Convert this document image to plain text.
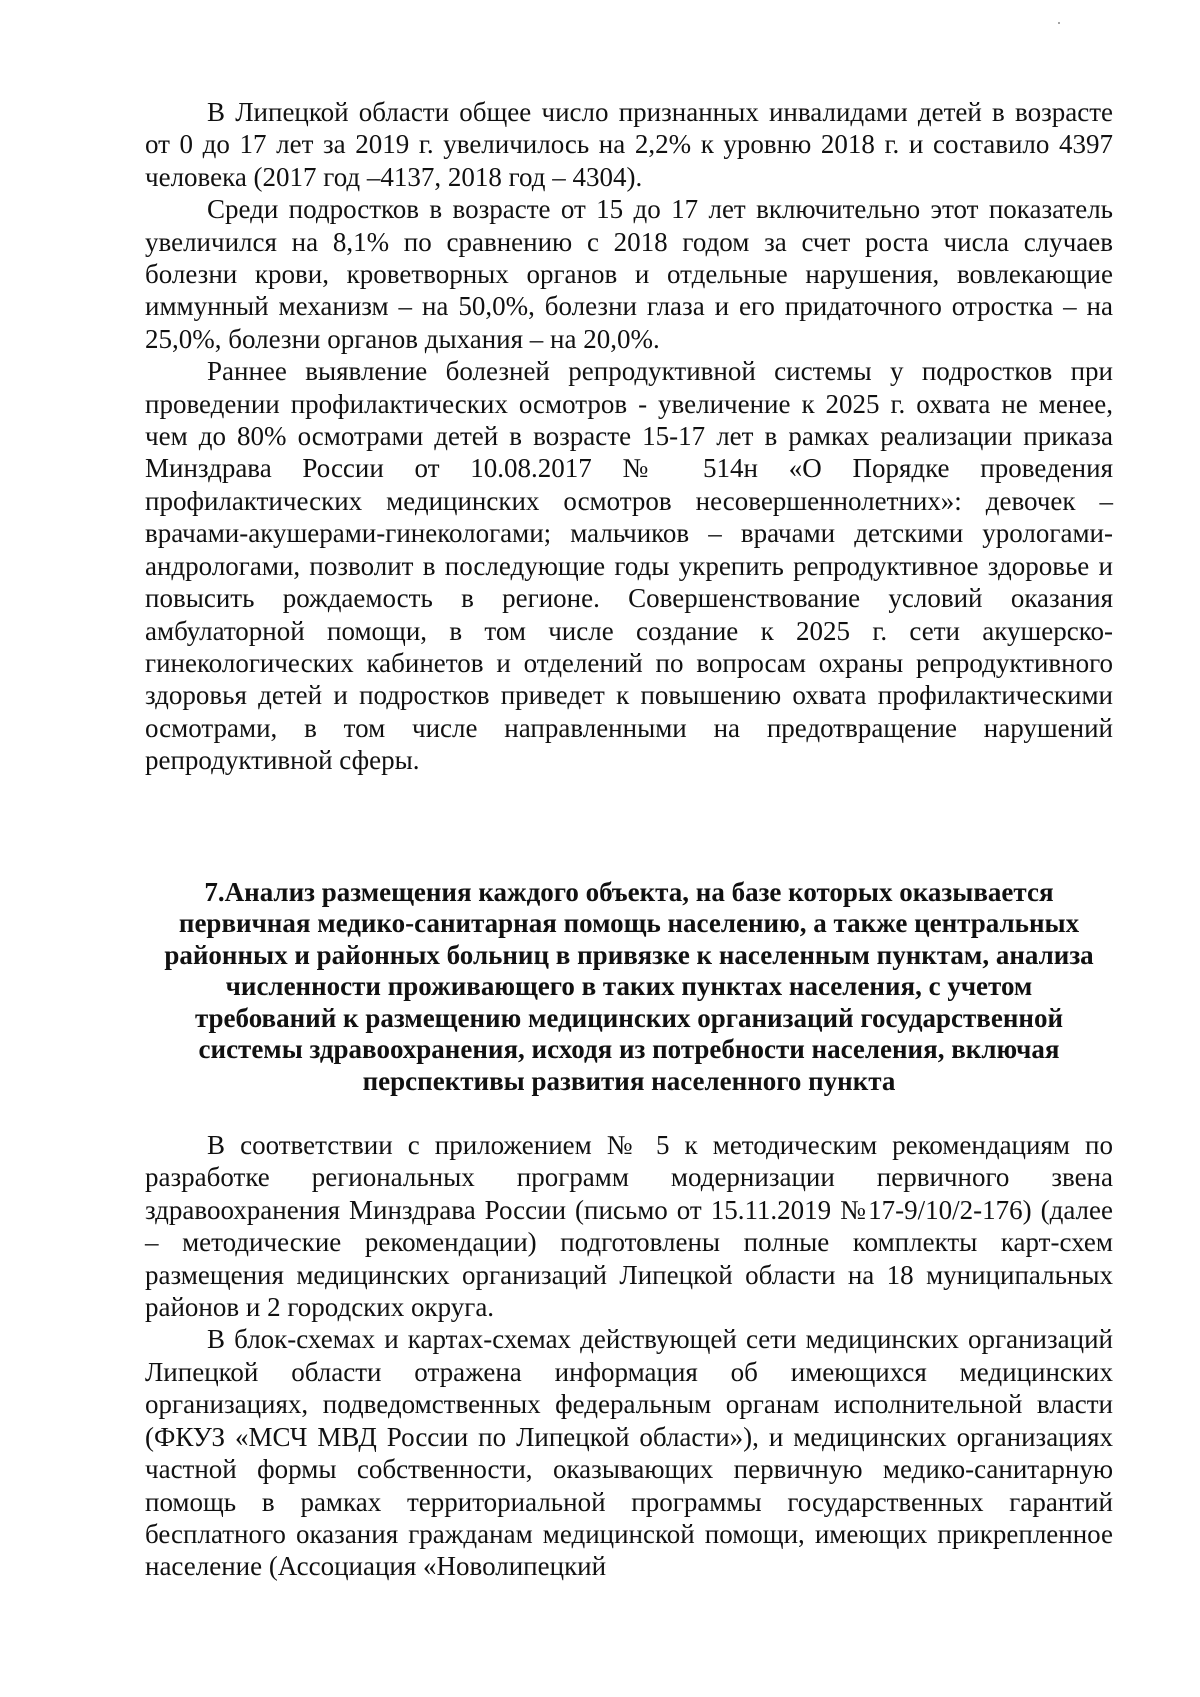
В Липецкой области общее число признанных инвалидами детей в возрасте от 0 до 17 лет за 2019 г. увеличилось на 2,2% к уровню 2018 г. и составило 4397 человека (2017 год –4137, 2018 год – 4304).

Среди подростков в возрасте от 15 до 17 лет включительно этот показатель увеличился на 8,1% по сравнению с 2018 годом за счет роста числа случаев болезни крови, кроветворных органов и отдельные нарушения, вовлекающие иммунный механизм – на 50,0%, болезни глаза и его придаточного отростка – на 25,0%, болезни органов дыхания – на 20,0%.

Раннее выявление болезней репродуктивной системы у подростков при проведении профилактических осмотров - увеличение к 2025 г. охвата не менее, чем до 80% осмотрами детей в возрасте 15-17 лет в рамках реализации приказа Минздрава России от 10.08.2017 № 514н «О Порядке проведения профилактических медицинских осмотров несовершеннолетних»: девочек – врачами-акушерами-гинекологами; мальчиков – врачами детскими урологами-андрологами, позволит в последующие годы укрепить репродуктивное здоровье и повысить рождаемость в регионе. Совершенствование условий оказания амбулаторной помощи, в том числе создание к 2025 г. сети акушерско-гинекологических кабинетов и отделений по вопросам охраны репродуктивного здоровья детей и подростков приведет к повышению охвата профилактическими осмотрами, в том числе направленными на предотвращение нарушений репродуктивной сферы.

7.Анализ размещения каждого объекта, на базе которых оказывается первичная медико-санитарная помощь населению, а также центральных районных и районных больниц в привязке к населенным пунктам, анализа численности проживающего в таких пунктах населения, с учетом требований к размещению медицинских организаций государственной системы здравоохранения, исходя из потребности населения, включая перспективы развития населенного пункта

В соответствии с приложением № 5 к методическим рекомендациям по разработке региональных программ модернизации первичного звена здравоохранения Минздрава России (письмо от 15.11.2019 №17-9/10/2-176) (далее – методические рекомендации) подготовлены полные комплекты карт-схем размещения медицинских организаций Липецкой области на 18 муниципальных районов и 2 городских округа.

В блок-схемах и картах-схемах действующей сети медицинских организаций Липецкой области отражена информация об имеющихся медицинских организациях, подведомственных федеральным органам исполнительной власти (ФКУЗ «МСЧ МВД России по Липецкой области»), и медицинских организациях частной формы собственности, оказывающих первичную медико-санитарную помощь в рамках территориальной программы государственных гарантий бесплатного оказания гражданам медицинской помощи, имеющих прикрепленное население (Ассоциация «Новолипецкий
